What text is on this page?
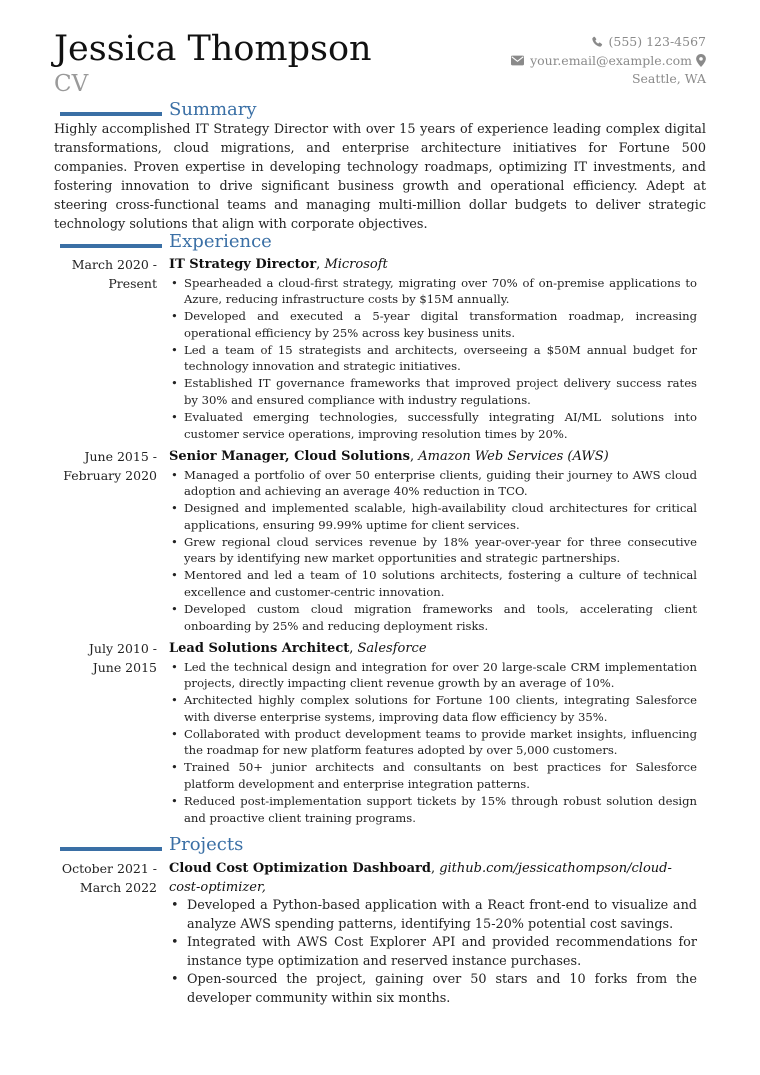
Jessica Thompson
CV
(555) 123-4567
your.email@example.com
Seattle, WA
Summary
Highly accomplished IT Strategy Director with over 15 years of experience leading complex digital transformations, cloud migrations, and enterprise architecture initiatives for Fortune 500 companies. Proven expertise in developing technology roadmaps, optimizing IT investments, and fostering innovation to drive significant business growth and operational efficiency. Adept at steering cross-functional teams and managing multi-million dollar budgets to deliver strategic technology solutions that align with corporate objectives.
Experience
March 2020 -
Present
IT Strategy Director, Microsoft
• Spearheaded a cloud-first strategy, migrating over 70% of on-premise applications to Azure, reducing infrastructure costs by $15M annually.
• Developed and executed a 5-year digital transformation roadmap, increasing operational efficiency by 25% across key business units.
• Led a team of 15 strategists and architects, overseeing a $50M annual budget for technology innovation and strategic initiatives.
• Established IT governance frameworks that improved project delivery success rates by 30% and ensured compliance with industry regulations.
• Evaluated emerging technologies, successfully integrating AI/ML solutions into customer service operations, improving resolution times by 20%.
June 2015 -
February 2020
Senior Manager, Cloud Solutions, Amazon Web Services (AWS)
• Managed a portfolio of over 50 enterprise clients, guiding their journey to AWS cloud adoption and achieving an average 40% reduction in TCO.
• Designed and implemented scalable, high-availability cloud architectures for critical applications, ensuring 99.99% uptime for client services.
• Grew regional cloud services revenue by 18% year-over-year for three consecutive years by identifying new market opportunities and strategic partnerships.
• Mentored and led a team of 10 solutions architects, fostering a culture of technical excellence and customer-centric innovation.
• Developed custom cloud migration frameworks and tools, accelerating client onboarding by 25% and reducing deployment risks.
July 2010 -
June 2015
Lead Solutions Architect, Salesforce
• Led the technical design and integration for over 20 large-scale CRM implementation projects, directly impacting client revenue growth by an average of 10%.
• Architected highly complex solutions for Fortune 100 clients, integrating Salesforce with diverse enterprise systems, improving data flow efficiency by 35%.
• Collaborated with product development teams to provide market insights, influencing the roadmap for new platform features adopted by over 5,000 customers.
• Trained 50+ junior architects and consultants on best practices for Salesforce platform development and enterprise integration patterns.
• Reduced post-implementation support tickets by 15% through robust solution design and proactive client training programs.
Projects
October 2021 -
March 2022
Cloud Cost Optimization Dashboard, github.com/jessicathompson/cloud-cost-optimizer,
• Developed a Python-based application with a React front-end to visualize and analyze AWS spending patterns, identifying 15-20% potential cost savings.
• Integrated with AWS Cost Explorer API and provided recommendations for instance type optimization and reserved instance purchases.
• Open-sourced the project, gaining over 50 stars and 10 forks from the developer community within six months.
